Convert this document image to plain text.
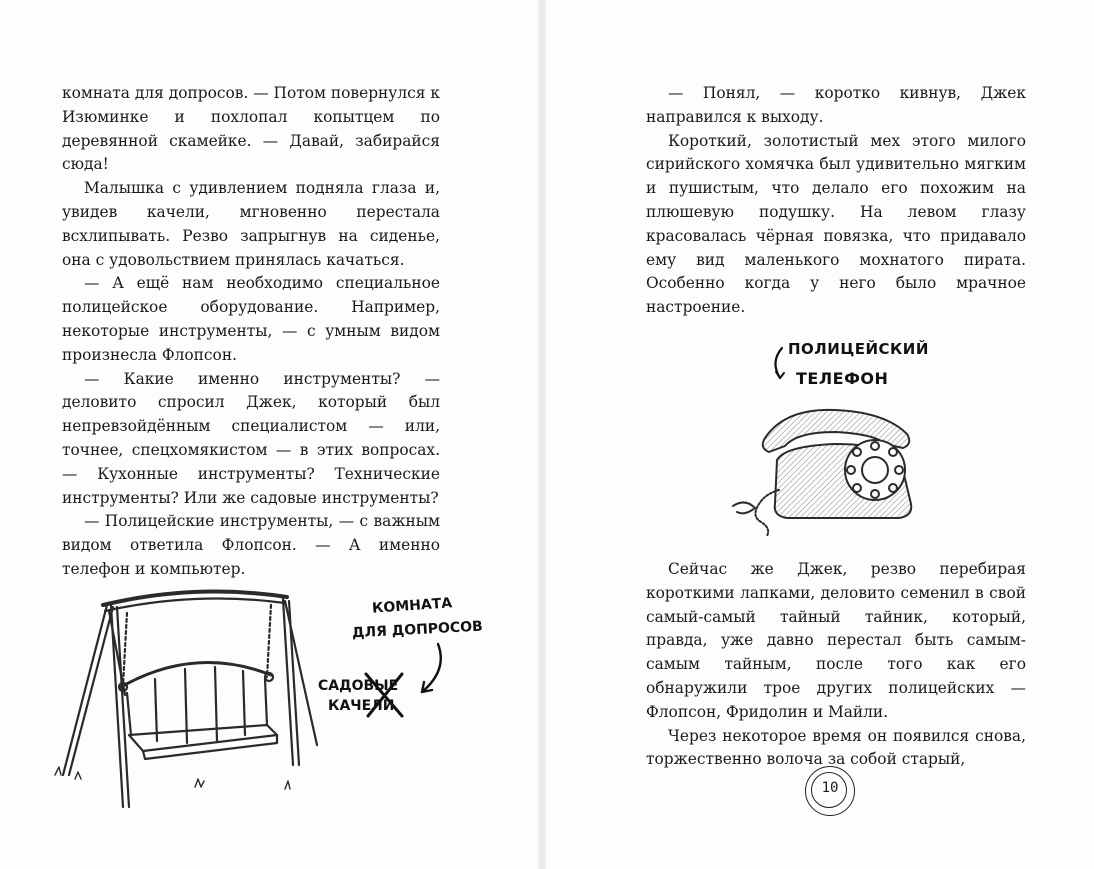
комната для допросов. — Потом повернулся к Изюминке и похлопал копытцем по деревянной скамейке. — Давай, забирайся сюда!

Малышка с удивлением подняла глаза и, увидев качели, мгновенно перестала всхлипывать. Резво запрыгнув на сиденье, она с удовольствием принялась качаться.

— А ещё нам необходимо специальное полицейское оборудование. Например, некоторые инструменты, — с умным видом произнесла Флопсон.

— Какие именно инструменты? — деловито спросил Джек, который был непревзойдённым специалистом — или, точнее, спецхомякистом — в этих вопросах. — Кухонные инструменты? Технические инструменты? Или же садовые инструменты?

— Полицейские инструменты, — с важным видом ответила Флопсон. — А именно телефон и компьютер.

КОМНАТА
ДЛЯ ДОПРОСОВ
САДОВЫЕ
КАЧЕЛИ

— Понял, — коротко кивнув, Джек направился к выходу.

Короткий, золотистый мех этого милого сирийского хомячка был удивительно мягким и пушистым, что делало его похожим на плюшевую подушку. На левом глазу красовалась чёрная повязка, что придавало ему вид маленького мохнатого пирата. Особенно когда у него было мрачное настроение.

ПОЛИЦЕЙСКИЙ
ТЕЛЕФОН

Сейчас же Джек, резво перебирая короткими лапками, деловито семенил в свой самый-самый тайный тайник, который, правда, уже давно перестал быть самым-самым тайным, после того как его обнаружили трое других полицейских — Флопсон, Фридолин и Майли.

Через некоторое время он появился снова, торжественно волоча за собой старый,

10
